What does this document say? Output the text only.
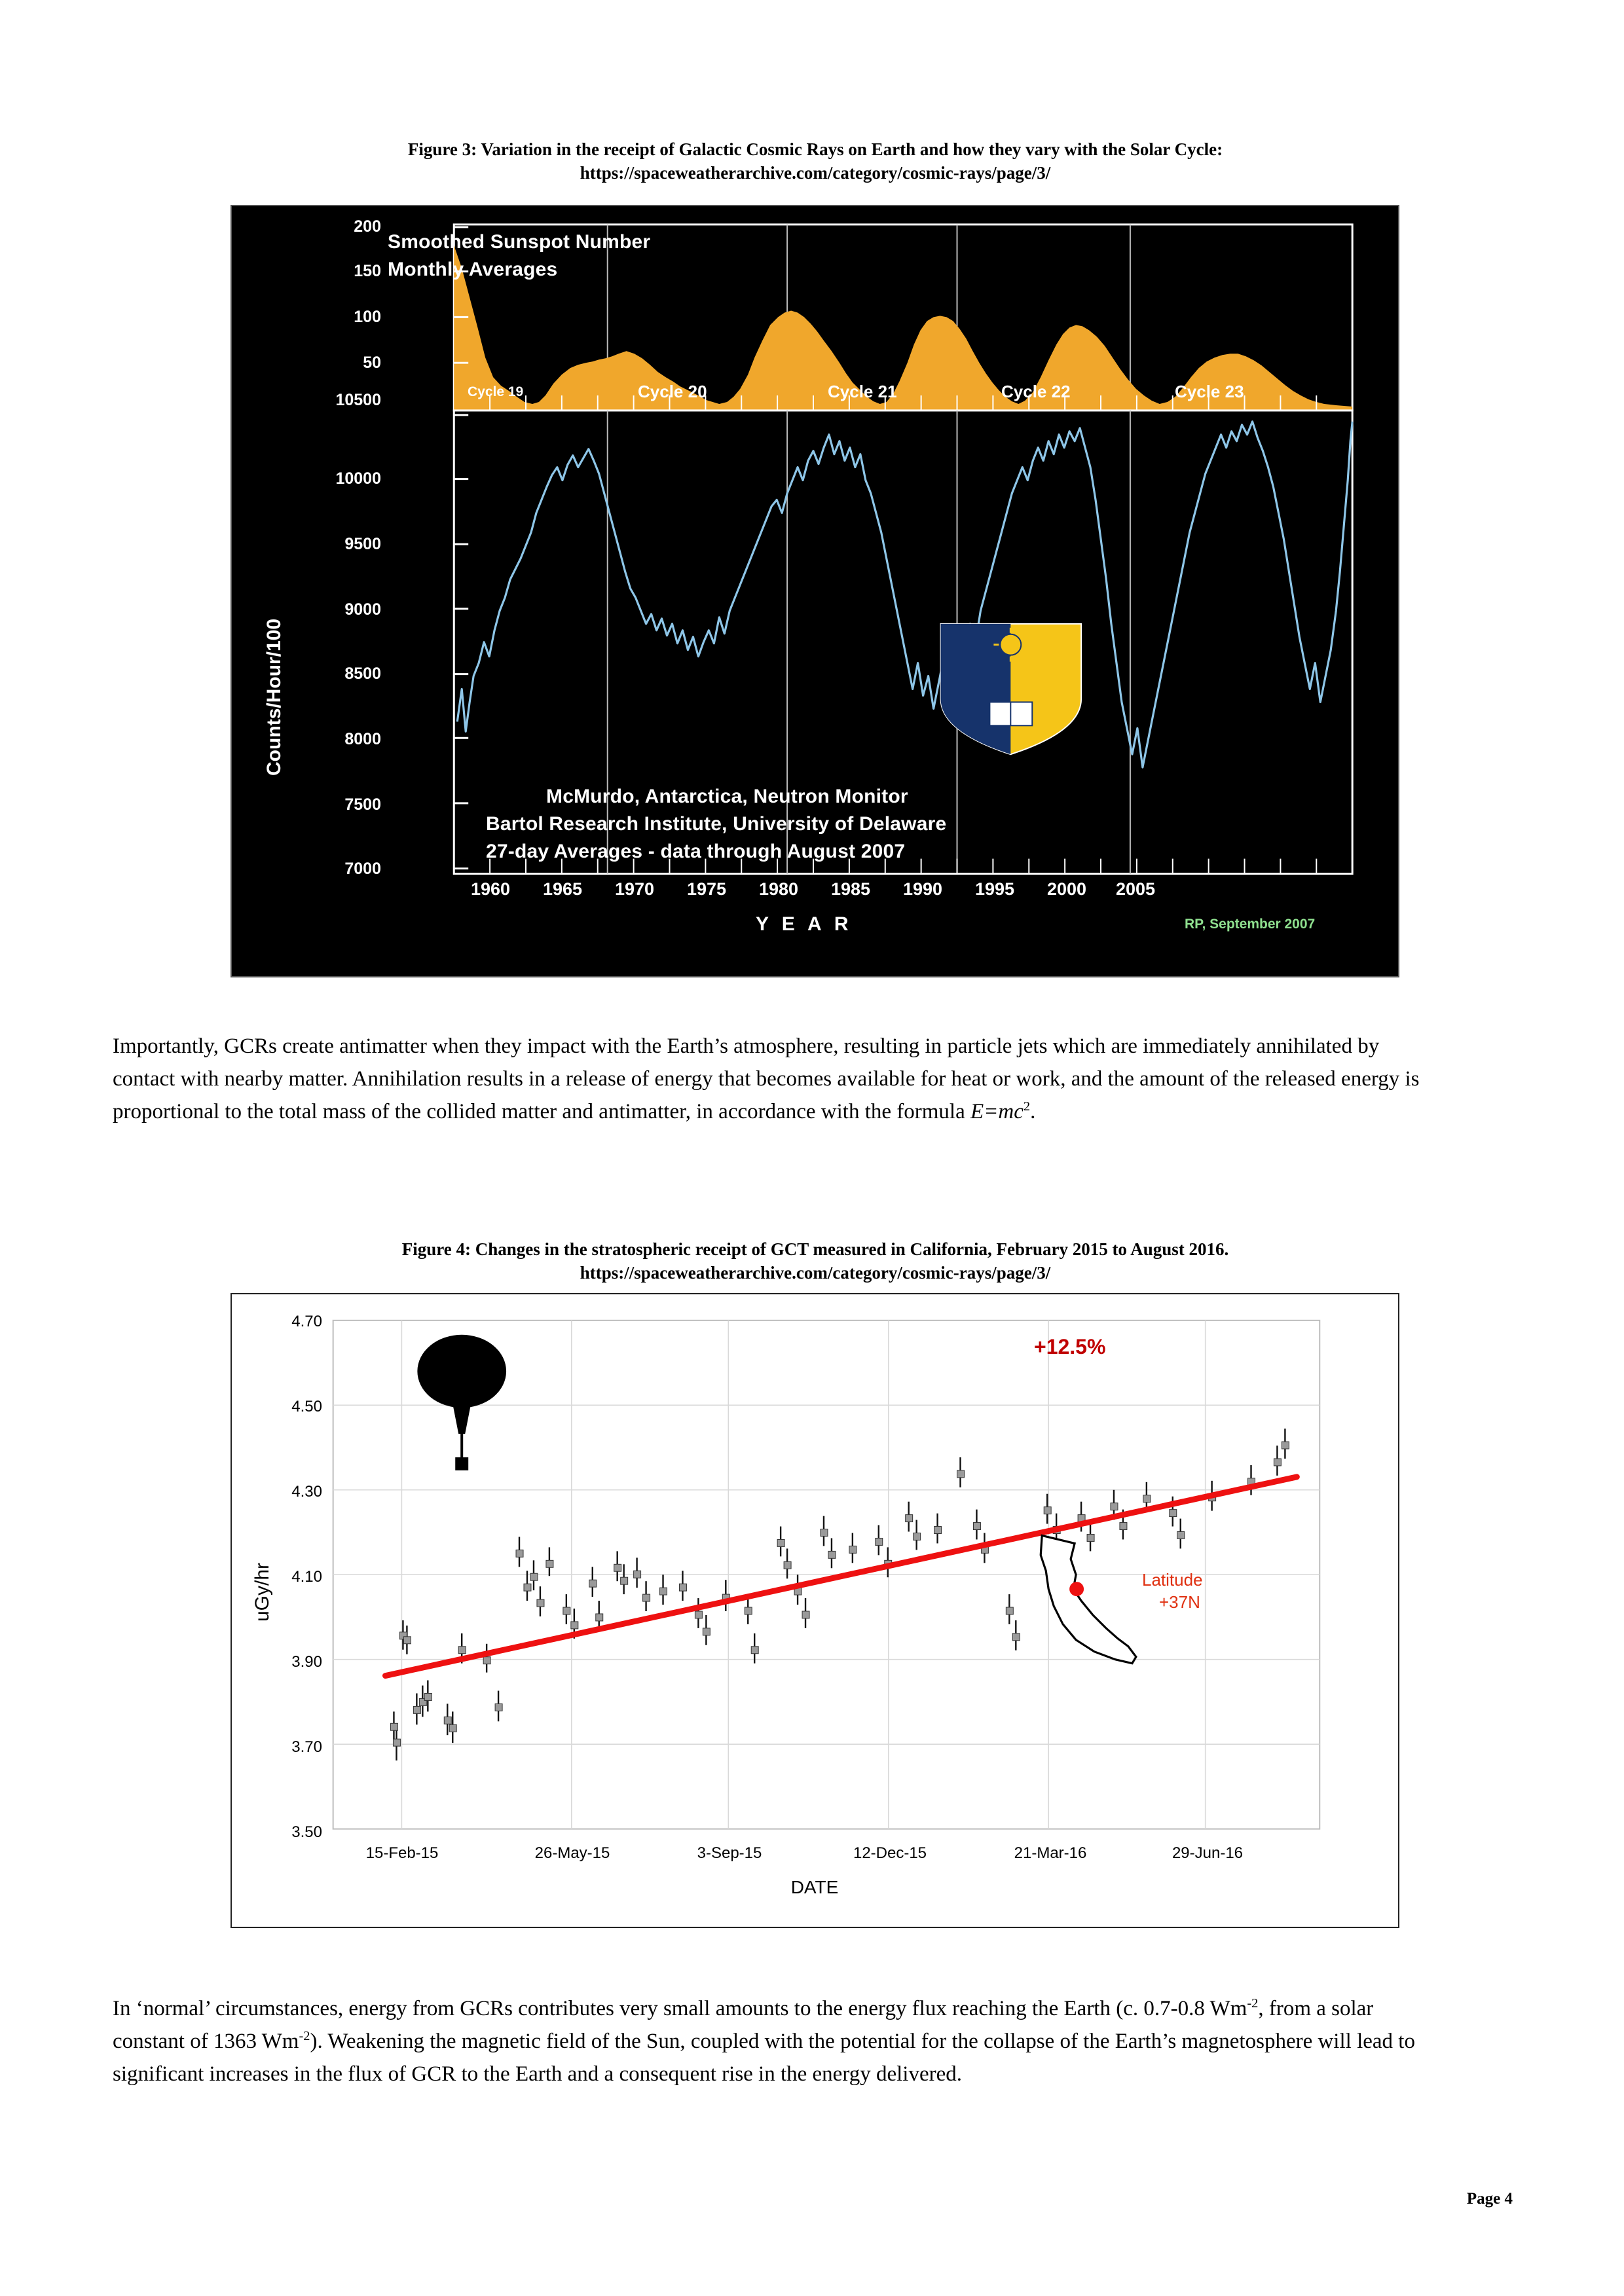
Figure 3: Variation in the receipt of Galactic Cosmic Rays on Earth and how they vary with the Solar Cycle:
https://spaceweatherarchive.com/category/cosmic-rays/page/3/
Smoothed Sunspot Number
Monthly Averages
200
150
100
50
10500
10000
9500
9000
8500
8000
7500
7000
Counts/Hour/100
Cycle 19	Cycle 20	Cycle 21	Cycle 22	Cycle 23
McMurdo, Antarctica, Neutron Monitor
Bartol Research Institute, University of Delaware
27-day Averages - data through August 2007
1960	1965	1970	1975	1980	1985	1990	1995	2000	2005
Y E A R	RP, September 2007

Importantly, GCRs create antimatter when they impact with the Earth’s atmosphere, resulting in particle jets which are immediately annihilated by contact with nearby matter. Annihilation results in a release of energy that becomes available for heat or work, and the amount of the released energy is proportional to the total mass of the collided matter and antimatter, in accordance with the formula $E=mc^2$.

Figure 4: Changes in the stratospheric receipt of GCT measured in California, February 2015 to August 2016.
https://spaceweatherarchive.com/category/cosmic-rays/page/3/
4.70
4.50
4.30
4.10
3.90
3.70
3.50
uGy/hr
15-Feb-15	26-May-15	3-Sep-15	12-Dec-15	21-Mar-16	29-Jun-16
DATE
+12.5%
Latitude
+37N

In ‘normal’ circumstances, energy from GCRs contributes very small amounts to the energy flux reaching the Earth (c. 0.7-0.8 $Wm^{-2}$, from a solar constant of 1363 $Wm^{-2}$). Weakening the magnetic field of the Sun, coupled with the potential for the collapse of the Earth’s magnetosphere will lead to significant increases in the flux of GCR to the Earth and a consequent rise in the energy delivered.

Page 4
